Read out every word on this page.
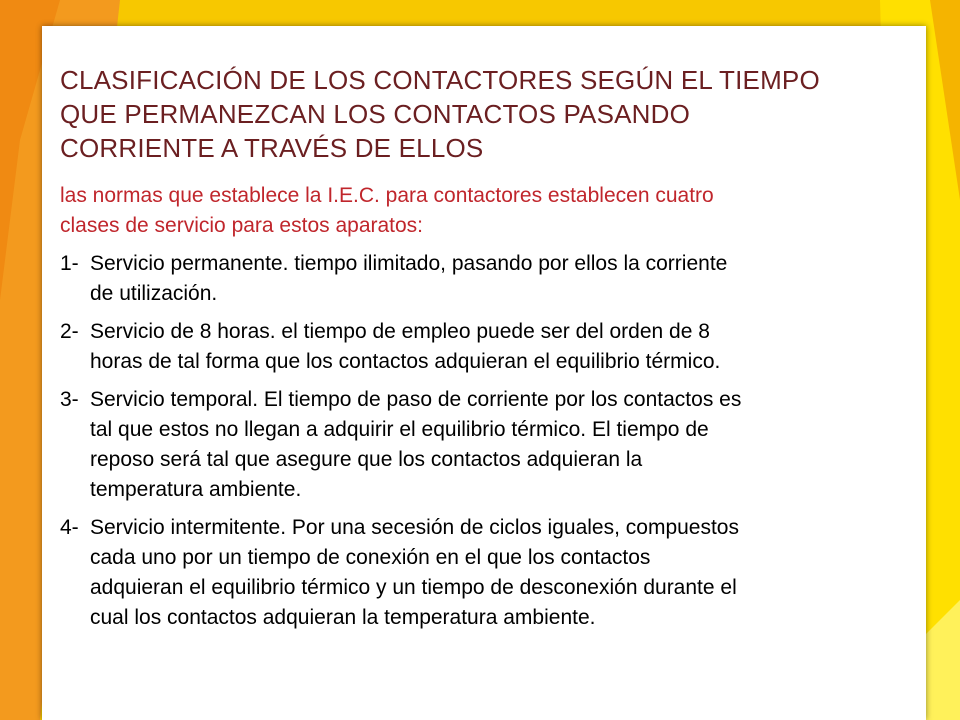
CLASIFICACIÓN DE LOS CONTACTORES SEGÚN EL TIEMPO
QUE PERMANEZCAN LOS CONTACTOS PASANDO
CORRIENTE A TRAVÉS DE ELLOS
las normas que establece la I.E.C. para contactores establecen cuatro
clases de servicio para estos aparatos:
1- Servicio permanente. tiempo ilimitado, pasando por ellos la corriente
de utilización.
2- Servicio de 8 horas. el tiempo de empleo puede ser del orden de 8
horas de tal forma que los contactos adquieran el equilibrio térmico.
3- Servicio temporal. El tiempo de paso de corriente por los contactos es
tal que estos no llegan a adquirir el equilibrio térmico. El tiempo de
reposo será tal que asegure que los contactos adquieran la
temperatura ambiente.
4- Servicio intermitente. Por una secesión de ciclos iguales, compuestos
cada uno por un tiempo de conexión en el que los contactos
adquieran el equilibrio térmico y un tiempo de desconexión durante el
cual los contactos adquieran la temperatura ambiente.
